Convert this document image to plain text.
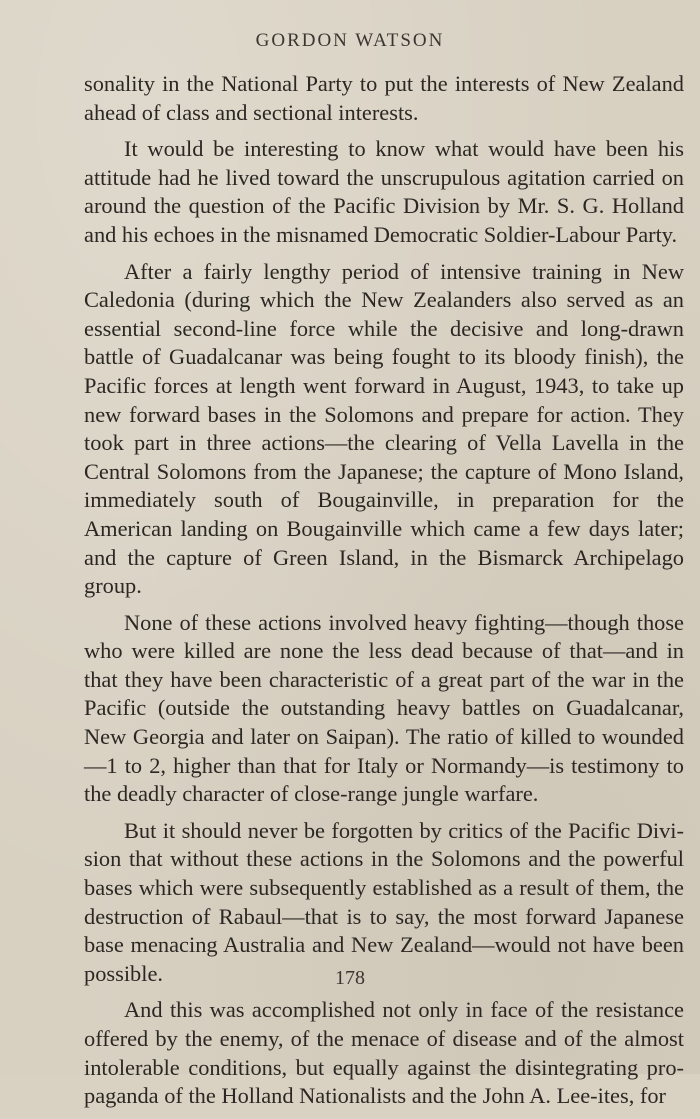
GORDON WATSON

sonality in the National Party to put the interests of New Zealand ahead of class and sectional interests.

It would be interesting to know what would have been his attitude had he lived toward the unscrupulous agitation carried on around the question of the Pacific Division by Mr. S. G. Holland and his echoes in the misnamed Democratic Soldier-Labour Party.

After a fairly lengthy period of intensive training in New Caledonia (during which the New Zealanders also served as an essential second-line force while the decisive and long-drawn battle of Guadalcanar was being fought to its bloody finish), the Pacific forces at length went forward in August, 1943, to take up new forward bases in the Solomons and prepare for action. They took part in three actions—the clearing of Vella Lavella in the Central Solomons from the Japanese; the capture of Mono Island, immediately south of Bougainville, in preparation for the American landing on Bougainville which came a few days later; and the capture of Green Island, in the Bismarck Archipelago group.

None of these actions involved heavy fighting—though those who were killed are none the less dead because of that—and in that they have been characteristic of a great part of the war in the Pacific (outside the outstanding heavy battles on Guadalcanar, New Georgia and later on Saipan). The ratio of killed to wounded—1 to 2, higher than that for Italy or Normandy—is testimony to the deadly character of close-range jungle warfare.

But it should never be forgotten by critics of the Pacific Division that without these actions in the Solomons and the powerful bases which were subsequently established as a result of them, the destruction of Rabaul—that is to say, the most forward Japanese base menacing Australia and New Zealand—would not have been possible.

And this was accomplished not only in face of the resistance offered by the enemy, of the menace of disease and of the almost intolerable conditions, but equally against the disintegrating propaganda of the Holland Nationalists and the John A. Lee-ites, for

178
